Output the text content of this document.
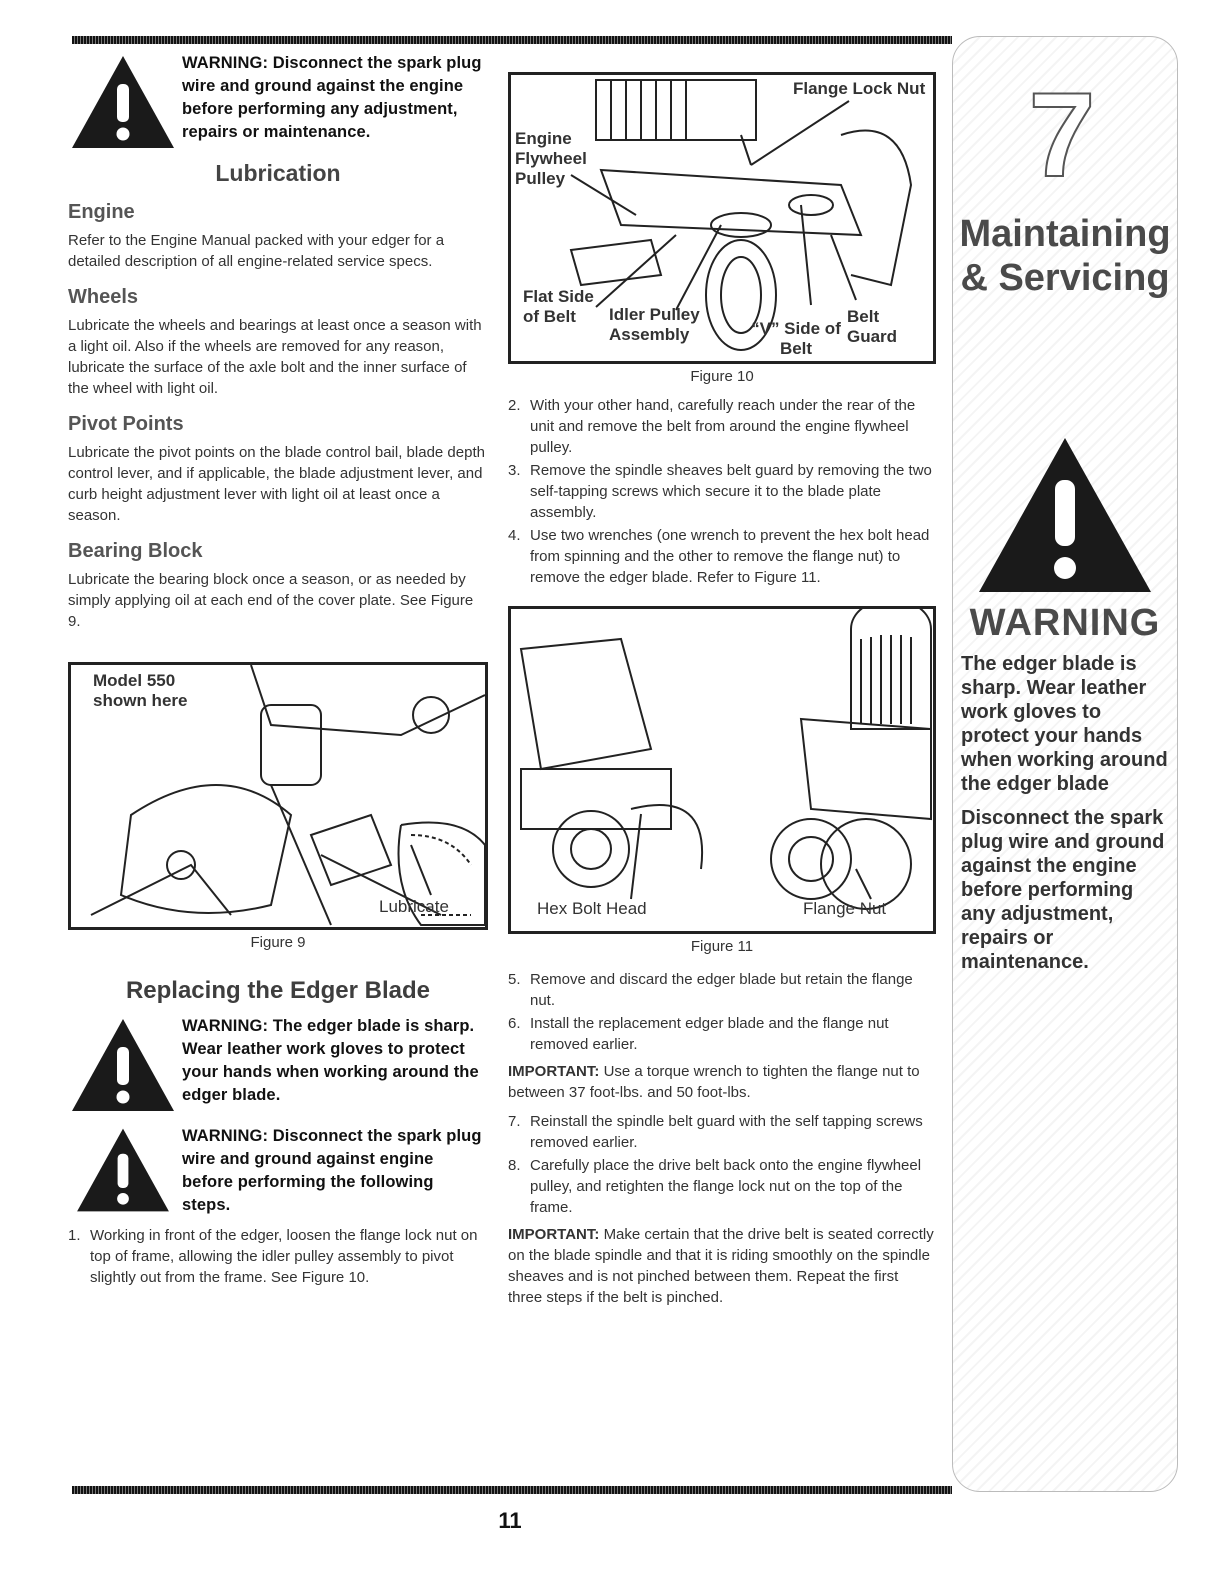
WARNING: Disconnect the spark plug wire and ground against the engine before performing any adjustment, repairs or maintenance.
Lubrication
Engine

Refer to the Engine Manual packed with your edger for a detailed description of all engine-related service specs.

Wheels

Lubricate the wheels and bearings at least once a season with a light oil. Also if the wheels are removed for any reason, lubricate the surface of the axle bolt and the inner surface of the wheel with light oil.

Pivot Points

Lubricate the pivot points on the blade control bail, blade depth control lever, and if applicable, the blade adjustment lever, and curb height adjustment lever with light oil at least once a season.

Bearing Block

Lubricate the bearing block once a season, or as needed by simply applying oil at each end of the cover plate. See Figure 9.

Model 550 shown here
Lubricate
Figure 9
Replacing the Edger Blade
WARNING: The edger blade is sharp. Wear leather work gloves to protect your hands when working around the edger blade.
WARNING: Disconnect the spark plug wire and ground against engine before performing the following steps.
1. Working in front of the edger, loosen the flange lock nut on top of frame, allowing the idler pulley assembly to pivot slightly out from the frame. See Figure 10.
Flange Lock Nut
Engine Flywheel Pulley
Flat Side of Belt	Idler Pulley Assembly	“V” Side of Belt
Belt Guard
Figure 10
2. With your other hand, carefully reach under the rear of the unit and remove the belt from around the engine flywheel pulley.
3. Remove the spindle sheaves belt guard by removing the two self-tapping screws which secure it to the blade plate assembly.
4. Use two wrenches (one wrench to prevent the hex bolt head from spinning and the other to remove the flange nut) to remove the edger blade. Refer to Figure 11.
Hex Bolt Head	Flange Nut
Figure 11
5. Remove and discard the edger blade but retain the flange nut.
6. Install the replacement edger blade and the flange nut removed earlier.

IMPORTANT: Use a torque wrench to tighten the flange nut to between 37 foot-lbs. and 50 foot-lbs.

7. Reinstall the spindle belt guard with the self tapping screws removed earlier.
8. Carefully place the drive belt back onto the engine flywheel pulley, and retighten the flange lock nut on the top of the frame.

IMPORTANT: Make certain that the drive belt is seated correctly on the blade spindle and that it is riding smoothly on the spindle sheaves and is not pinched between them. Repeat the first three steps if the belt is pinched.

7
Maintaining
& Servicing
WARNING

The edger blade is sharp. Wear leather work gloves to protect your hands when working around the edger blade

Disconnect the spark plug wire and ground against the engine before performing any adjustment, repairs or maintenance.

11
